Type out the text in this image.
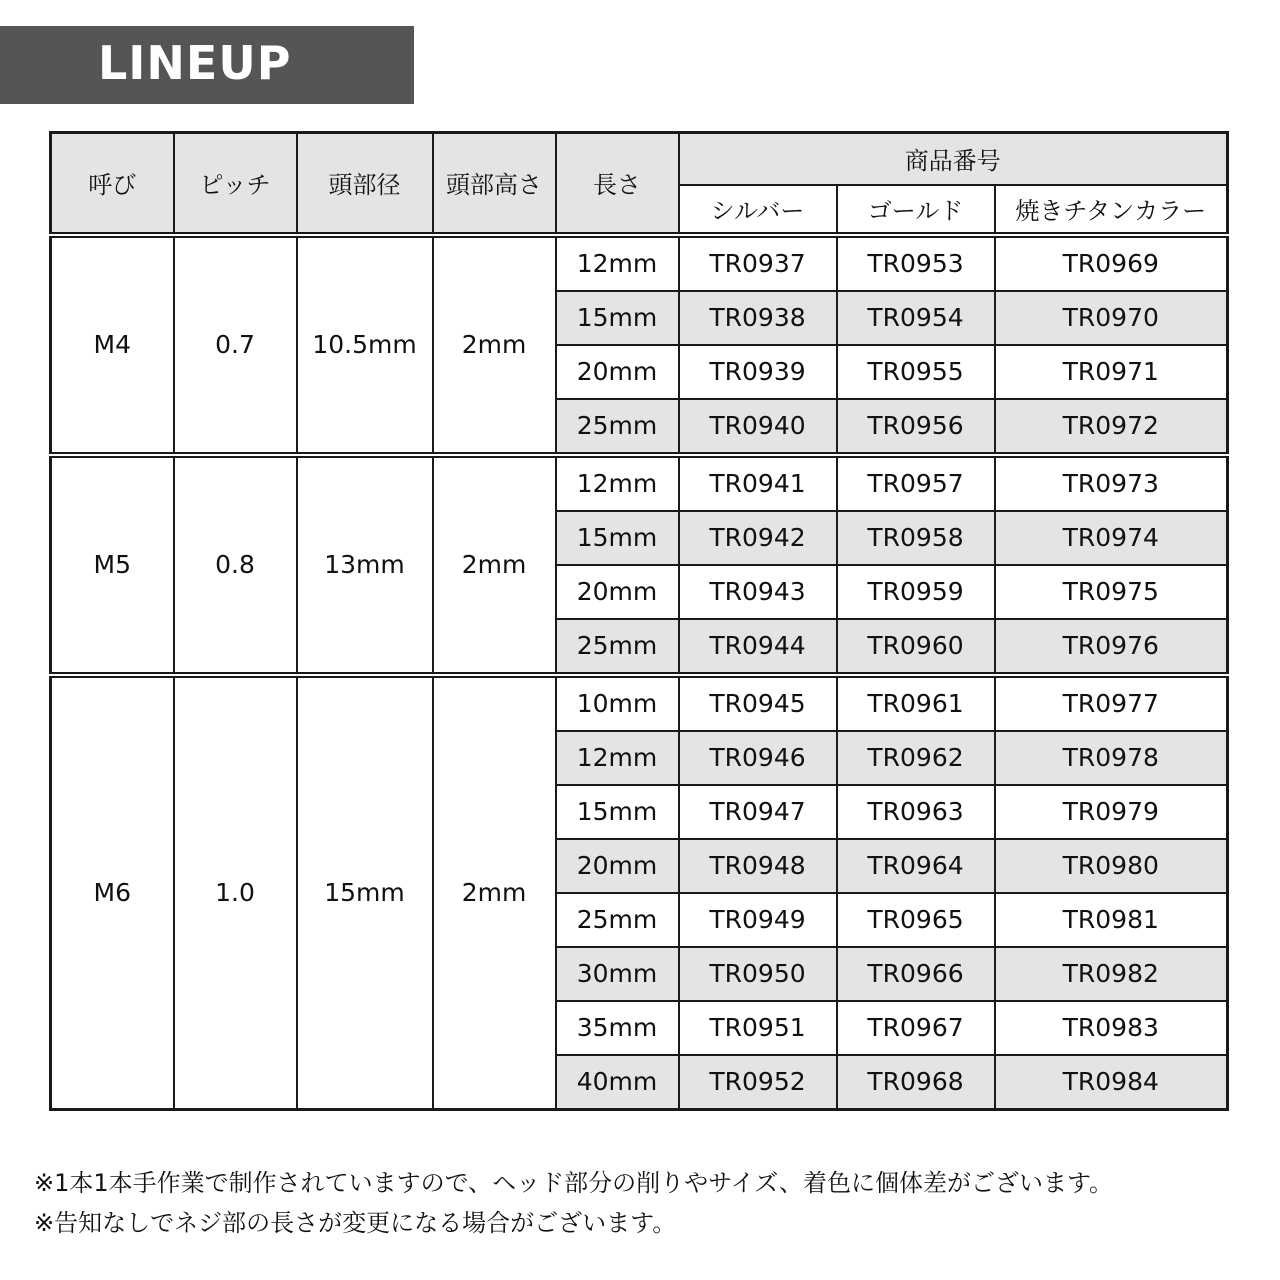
LINEUP
呼び	ピッチ	頭部径	頭部高さ	長さ	商品番号		
					シルバー	ゴールド	焼きチタンカラー
M4	0.7	10.5mm	2mm	12mm	TR0937	TR0953	TR0969
				15mm	TR0938	TR0954	TR0970
				20mm	TR0939	TR0955	TR0971
				25mm	TR0940	TR0956	TR0972
M5	0.8	13mm	2mm	12mm	TR0941	TR0957	TR0973
				15mm	TR0942	TR0958	TR0974
				20mm	TR0943	TR0959	TR0975
				25mm	TR0944	TR0960	TR0976
M6	1.0	15mm	2mm	10mm	TR0945	TR0961	TR0977
				12mm	TR0946	TR0962	TR0978
				15mm	TR0947	TR0963	TR0979
				20mm	TR0948	TR0964	TR0980
				25mm	TR0949	TR0965	TR0981
				30mm	TR0950	TR0966	TR0982
				35mm	TR0951	TR0967	TR0983
				40mm	TR0952	TR0968	TR0984
※1本1本手作業で制作されていますので、ヘッド部分の削りやサイズ、着色に個体差がございます。
※告知なしでネジ部の長さが変更になる場合がございます。
